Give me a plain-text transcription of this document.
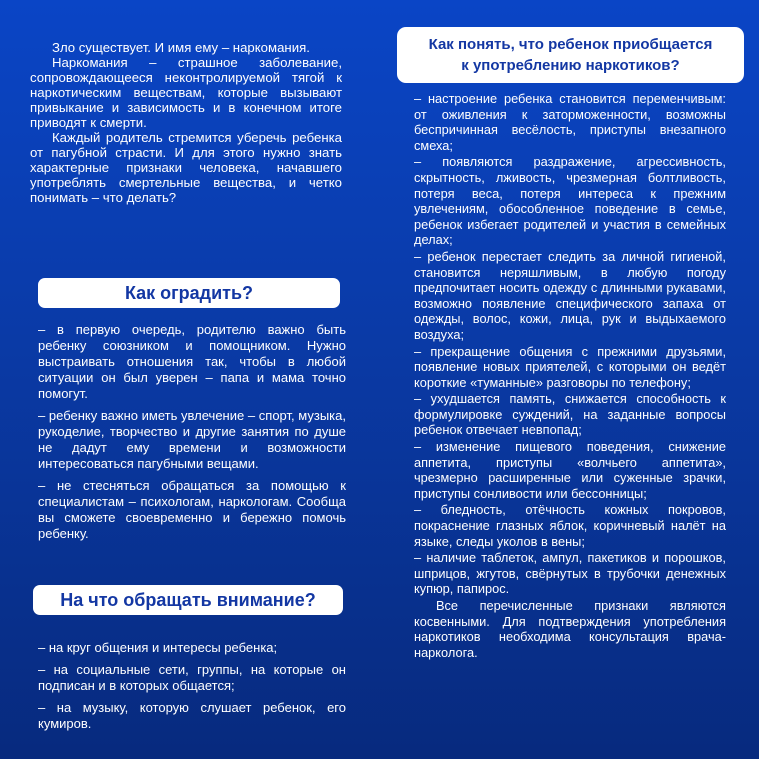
Зло существует. И имя ему – наркомания.

Наркомания – страшное заболевание, сопровождающееся неконтролируемой тягой к наркотическим веществам, которые вызывают привыкание и зависимость и в конечном итоге приводят к смерти.

Каждый родитель стремится уберечь ребенка от пагубной страсти. И для этого нужно знать характерные признаки человека, начавшего употреблять смертельные вещества, и четко понимать – что делать?

Как оградить?

– в первую очередь, родителю важно быть ребенку союзником и помощником. Нужно выстраивать отношения так, чтобы в любой ситуации он был уверен – папа и мама точно помогут.

– ребенку важно иметь увлечение – спорт, музыка, рукоделие, творчество и другие занятия по душе не дадут ему времени и возможности интересоваться пагубными вещами.

– не стесняться обращаться за помощью к специалистам – психологам, наркологам. Сообща вы сможете своевременно и бережно помочь ребенку.

На что обращать внимание?

– на круг общения и интересы ребенка;

– на социальные сети, группы, на которые он подписан и в которых общается;

– на музыку, которую слушает ребенок, его кумиров.

Как понять, что ребенок приобщается
к употреблению наркотиков?

– настроение ребенка становится переменчивым: от оживления к заторможенности, возможны беспричинная весёлость, приступы внезапного смеха;

– появляются раздражение, агрессивность, скрытность, лживость, чрезмерная болтливость, потеря веса, потеря интереса к прежним увлечениям, обособленное поведение в семье, ребенок избегает родителей и участия в семейных делах;

– ребенок перестает следить за личной гигиеной, становится неряшливым, в любую погоду предпочитает носить одежду с длинными рукавами, возможно появление специфического запаха от одежды, волос, кожи, лица, рук и выдыхаемого воздуха;

– прекращение общения с прежними друзьями, появление новых приятелей, с которыми он ведёт короткие «туманные» разговоры по телефону;

– ухудшается память, снижается способность к формулировке суждений, на заданные вопросы ребенок отвечает невпопад;

– изменение пищевого поведения, снижение аппетита, приступы «волчьего аппетита», чрезмерно расширенные или суженные зрачки, приступы сонливости или бессонницы;

– бледность, отёчность кожных покровов, покраснение глазных яблок, коричневый налёт на языке, следы уколов в вены;

– наличие таблеток, ампул, пакетиков и порошков, шприцов, жгутов, свёрнутых в трубочки денежных купюр, папирос.

Все перечисленные признаки являются косвенными. Для подтверждения употребления наркотиков необходима консультация врача-нарколога.
